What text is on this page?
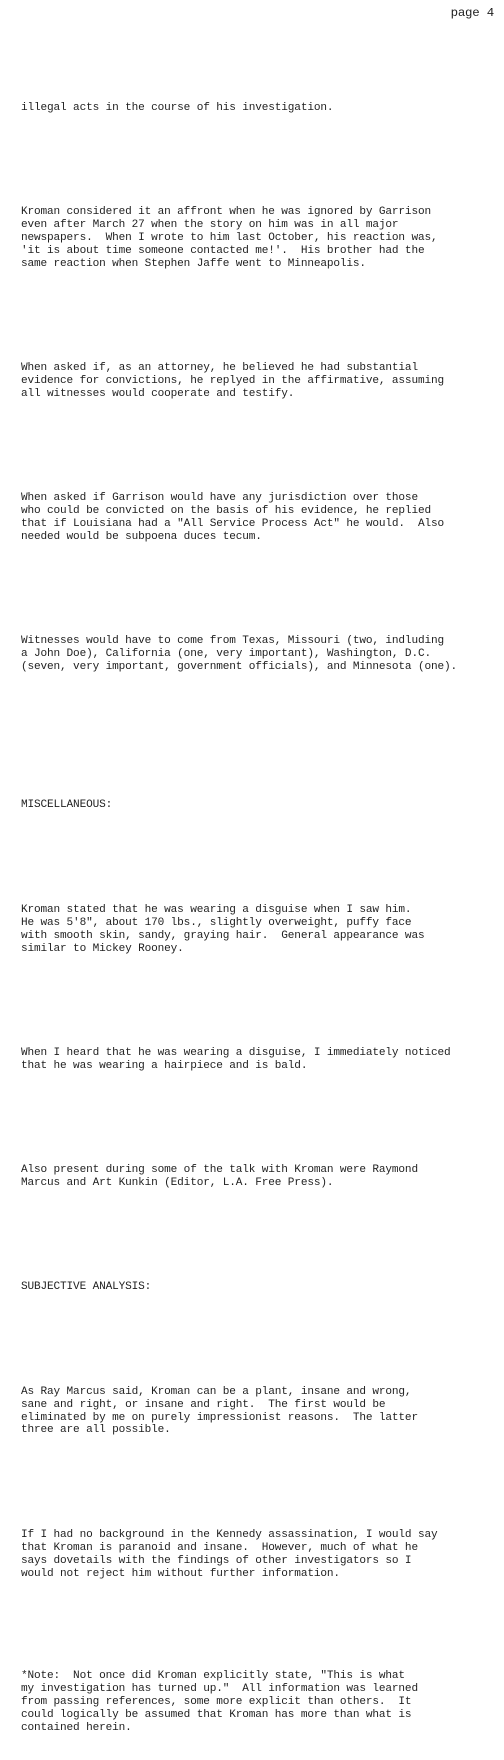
page 4

illegal acts in the course of his investigation.

Kroman considered it an affront when he was ignored by Garrison
even after March 27 when the story on him was in all major
newspapers.  When I wrote to him last October, his reaction was,
'it is about time someone contacted me!'.  His brother had the
same reaction when Stephen Jaffe went to Minneapolis.

When asked if, as an attorney, he believed he had substantial
evidence for convictions, he replyed in the affirmative, assuming
all witnesses would cooperate and testify.

When asked if Garrison would have any jurisdiction over those
who could be convicted on the basis of his evidence, he replied
that if Louisiana had a "All Service Process Act" he would.  Also
needed would be subpoena duces tecum.

Witnesses would have to come from Texas, Missouri (two, indluding
a John Doe), California (one, very important), Washington, D.C.
(seven, very important, government officials), and Minnesota (one).

MISCELLANEOUS:

Kroman stated that he was wearing a disguise when I saw him.
He was 5'8", about 170 lbs., slightly overweight, puffy face
with smooth skin, sandy, graying hair.  General appearance was
similar to Mickey Rooney.

When I heard that he was wearing a disguise, I immediately noticed
that he was wearing a hairpiece and is bald.

Also present during some of the talk with Kroman were Raymond
Marcus and Art Kunkin (Editor, L.A. Free Press).

SUBJECTIVE ANALYSIS:

As Ray Marcus said, Kroman can be a plant, insane and wrong,
sane and right, or insane and right.  The first would be
eliminated by me on purely impressionist reasons.  The latter
three are all possible.

If I had no background in the Kennedy assassination, I would say
that Kroman is paranoid and insane.  However, much of what he
says dovetails with the findings of other investigators so I
would not reject him without further information.

*Note:  Not once did Kroman explicitly state, "This is what
my investigation has turned up."  All information was learned
from passing references, some more explicit than others.  It
could logically be assumed that Kroman has more than what is
contained herein.
